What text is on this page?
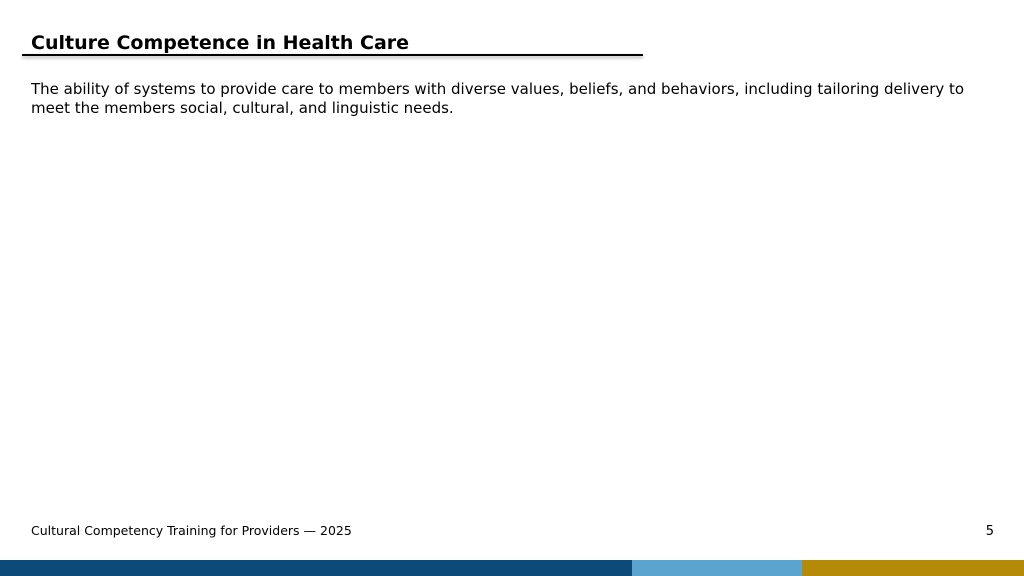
Culture Competence in Health Care
The ability of systems to provide care to members with diverse values, beliefs, and behaviors, including tailoring delivery to meet the members social, cultural, and linguistic needs.
Cultural Competency Training for Providers — 2025	5
